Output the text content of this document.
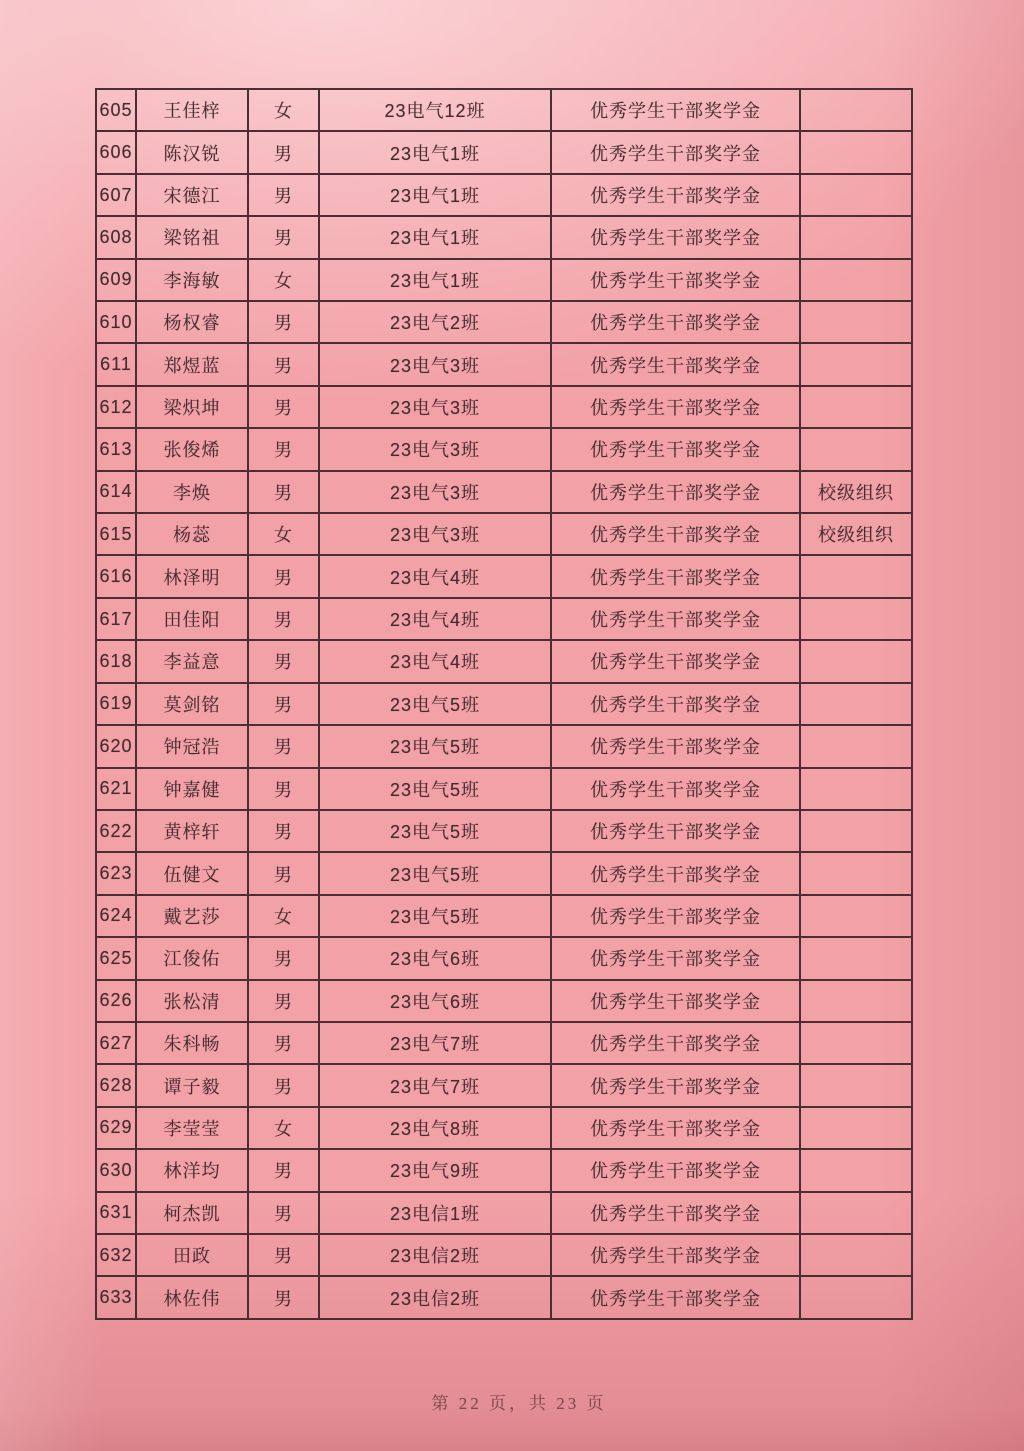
605	王佳梓	女	23电气12班	优秀学生干部奖学金	
606	陈汉锐	男	23电气1班	优秀学生干部奖学金	
607	宋德江	男	23电气1班	优秀学生干部奖学金	
608	梁铭祖	男	23电气1班	优秀学生干部奖学金	
609	李海敏	女	23电气1班	优秀学生干部奖学金	
610	杨权睿	男	23电气2班	优秀学生干部奖学金	
611	郑煜蓝	男	23电气3班	优秀学生干部奖学金	
612	梁炽坤	男	23电气3班	优秀学生干部奖学金	
613	张俊烯	男	23电气3班	优秀学生干部奖学金	
614	李焕	男	23电气3班	优秀学生干部奖学金	校级组织
615	杨蕊	女	23电气3班	优秀学生干部奖学金	校级组织
616	林泽明	男	23电气4班	优秀学生干部奖学金	
617	田佳阳	男	23电气4班	优秀学生干部奖学金	
618	李益意	男	23电气4班	优秀学生干部奖学金	
619	莫剑铭	男	23电气5班	优秀学生干部奖学金	
620	钟冠浩	男	23电气5班	优秀学生干部奖学金	
621	钟嘉健	男	23电气5班	优秀学生干部奖学金	
622	黄梓轩	男	23电气5班	优秀学生干部奖学金	
623	伍健文	男	23电气5班	优秀学生干部奖学金	
624	戴艺莎	女	23电气5班	优秀学生干部奖学金	
625	江俊佑	男	23电气6班	优秀学生干部奖学金	
626	张松清	男	23电气6班	优秀学生干部奖学金	
627	朱科畅	男	23电气7班	优秀学生干部奖学金	
628	谭子毅	男	23电气7班	优秀学生干部奖学金	
629	李莹莹	女	23电气8班	优秀学生干部奖学金	
630	林洋均	男	23电气9班	优秀学生干部奖学金	
631	柯杰凯	男	23电信1班	优秀学生干部奖学金	
632	田政	男	23电信2班	优秀学生干部奖学金	
633	林佐伟	男	23电信2班	优秀学生干部奖学金	
第 22 页，共 23 页
